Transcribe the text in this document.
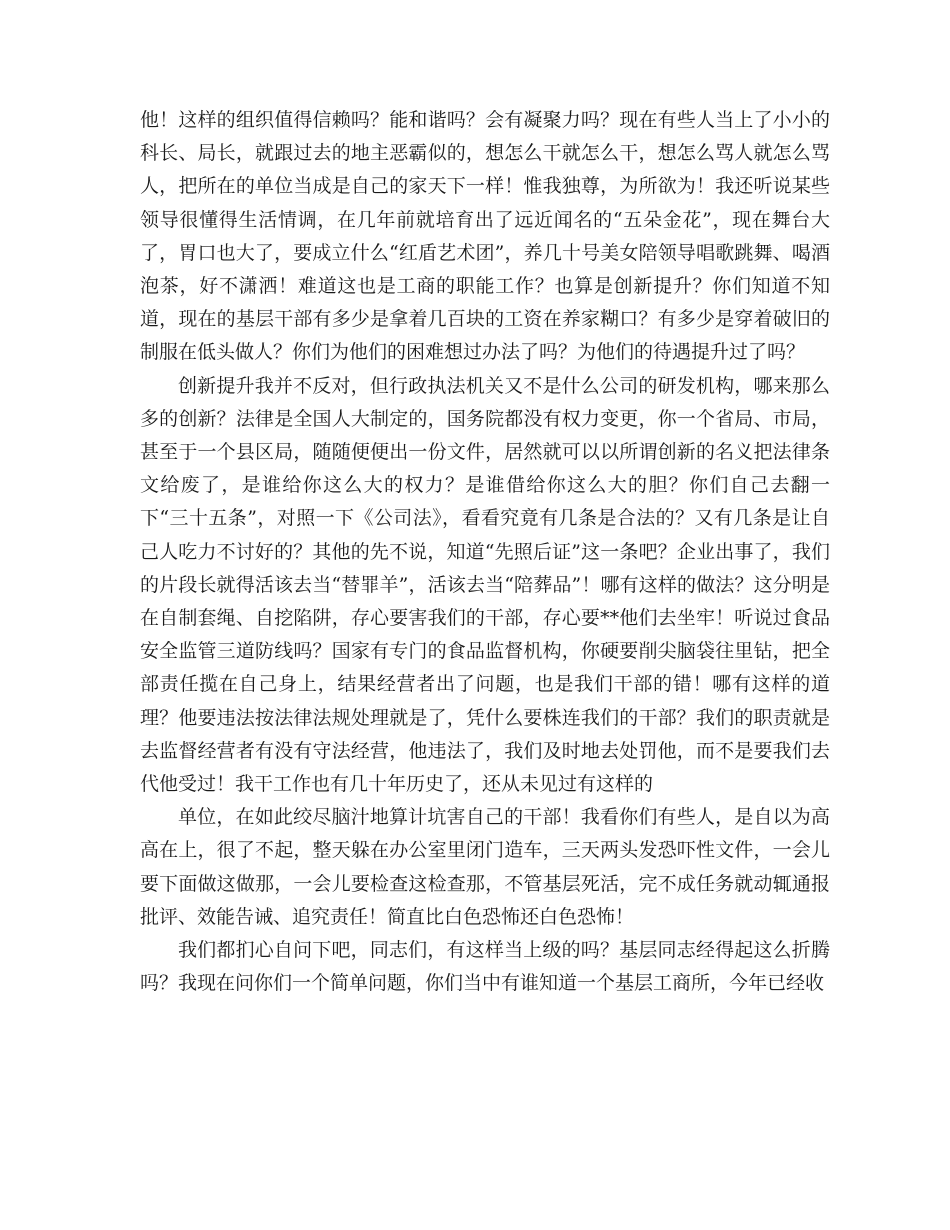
他！这样的组织值得信赖吗？能和谐吗？会有凝聚力吗？现在有些人当上了小小的科长、局长，就跟过去的地主恶霸似的，想怎么干就怎么干，想怎么骂人就怎么骂人，把所在的单位当成是自己的家天下一样！惟我独尊，为所欲为！我还听说某些领导很懂得生活情调，在几年前就培育出了远近闻名的“五朵金花”，现在舞台大了，胃口也大了，要成立什么“红盾艺术团”，养几十号美女陪领导唱歌跳舞、喝酒泡茶，好不潇洒！难道这也是工商的职能工作？也算是创新提升？你们知道不知道，现在的基层干部有多少是拿着几百块的工资在养家糊口？有多少是穿着破旧的制服在低头做人？你们为他们的困难想过办法了吗？为他们的待遇提升过了吗？

创新提升我并不反对，但行政执法机关又不是什么公司的研发机构，哪来那么多的创新？法律是全国人大制定的，国务院都没有权力变更，你一个省局、市局，甚至于一个县区局，随随便便出一份文件，居然就可以以所谓创新的名义把法律条文给废了，是谁给你这么大的权力？是谁借给你这么大的胆？你们自己去翻一下“三十五条”，对照一下《公司法》，看看究竟有几条是合法的？又有几条是让自己人吃力不讨好的？其他的先不说，知道“先照后证”这一条吧？企业出事了，我们的片段长就得活该去当“替罪羊”，活该去当“陪葬品”！哪有这样的做法？这分明是在自制套绳、自挖陷阱，存心要害我们的干部，存心要**他们去坐牢！听说过食品安全监管三道防线吗？国家有专门的食品监督机构，你硬要削尖脑袋往里钻，把全部责任揽在自己身上，结果经营者出了问题，也是我们干部的错！哪有这样的道理？他要违法按法律法规处理就是了，凭什么要株连我们的干部？我们的职责就是去监督经营者有没有守法经营，他违法了，我们及时地去处罚他，而不是要我们去代他受过！我干工作也有几十年历史了，还从未见过有这样的

单位，在如此绞尽脑汁地算计坑害自己的干部！我看你们有些人，是自以为高高在上，很了不起，整天躲在办公室里闭门造车，三天两头发恐吓性文件，一会儿要下面做这做那，一会儿要检查这检查那，不管基层死活，完不成任务就动辄通报批评、效能告诫、追究责任！简直比白色恐怖还白色恐怖！

我们都扪心自问下吧，同志们，有这样当上级的吗？基层同志经得起这么折腾吗？我现在问你们一个简单问题，你们当中有谁知道一个基层工商所，今年已经收
